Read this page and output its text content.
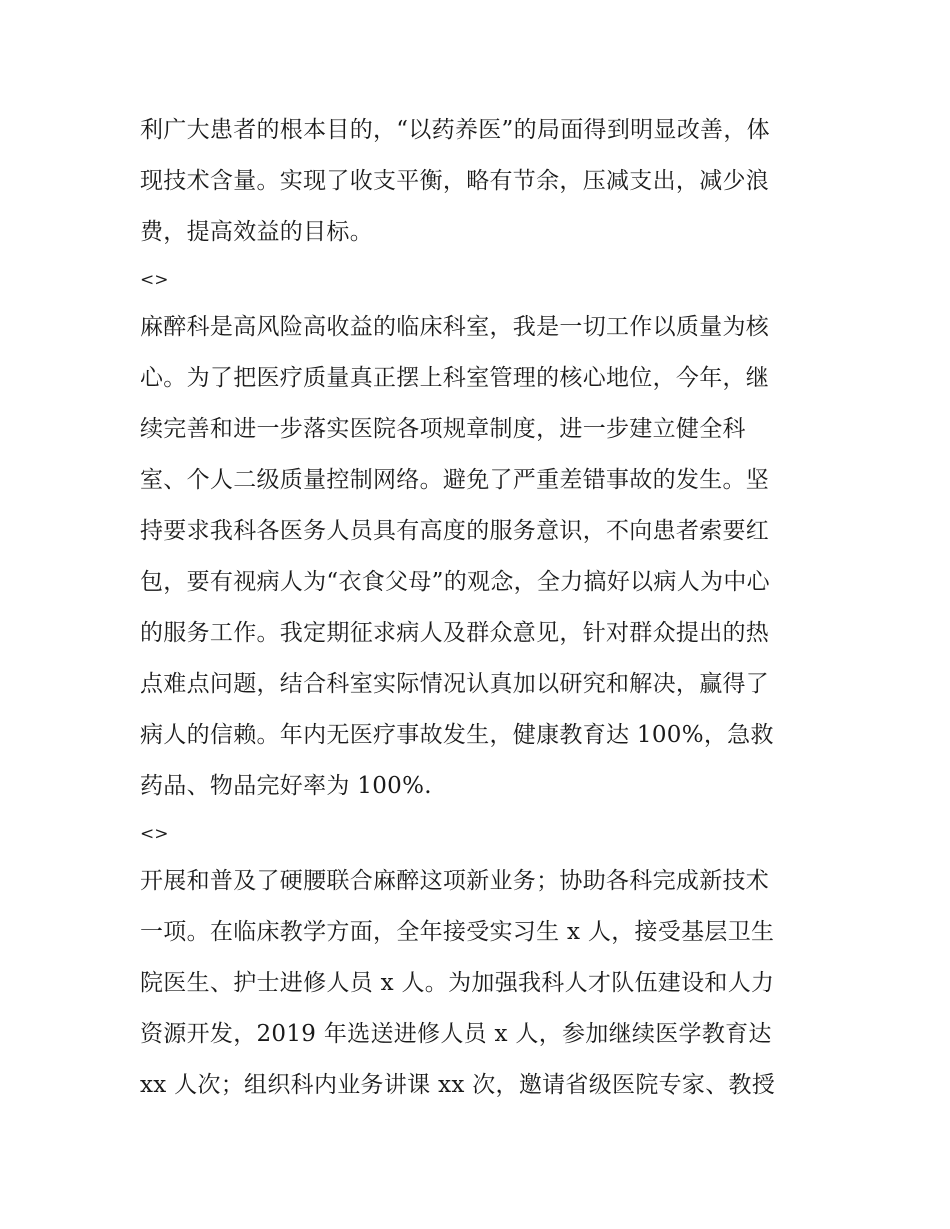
利广大患者的根本目的，“以药养医”的局面得到明显改善，体
现技术含量。实现了收支平衡，略有节余，压减支出，减少浪
费，提高效益的目标。
<>
麻醉科是高风险高收益的临床科室，我是一切工作以质量为核
心。为了把医疗质量真正摆上科室管理的核心地位，今年，继
续完善和进一步落实医院各项规章制度，进一步建立健全科
室、个人二级质量控制网络。避免了严重差错事故的发生。坚
持要求我科各医务人员具有高度的服务意识，不向患者索要红
包，要有视病人为“衣食父母”的观念，全力搞好以病人为中心
的服务工作。我定期征求病人及群众意见，针对群众提出的热
点难点问题，结合科室实际情况认真加以研究和解决，赢得了
病人的信赖。年内无医疗事故发生，健康教育达 100%，急救
药品、物品完好率为 100%.
<>
开展和普及了硬腰联合麻醉这项新业务；协助各科完成新技术
一项。在临床教学方面，全年接受实习生 x 人，接受基层卫生
院医生、护士进修人员 x 人。为加强我科人才队伍建设和人力
资源开发，2019 年选送进修人员 x 人，参加继续医学教育达
xx 人次；组织科内业务讲课 xx 次，邀请省级医院专家、教授
